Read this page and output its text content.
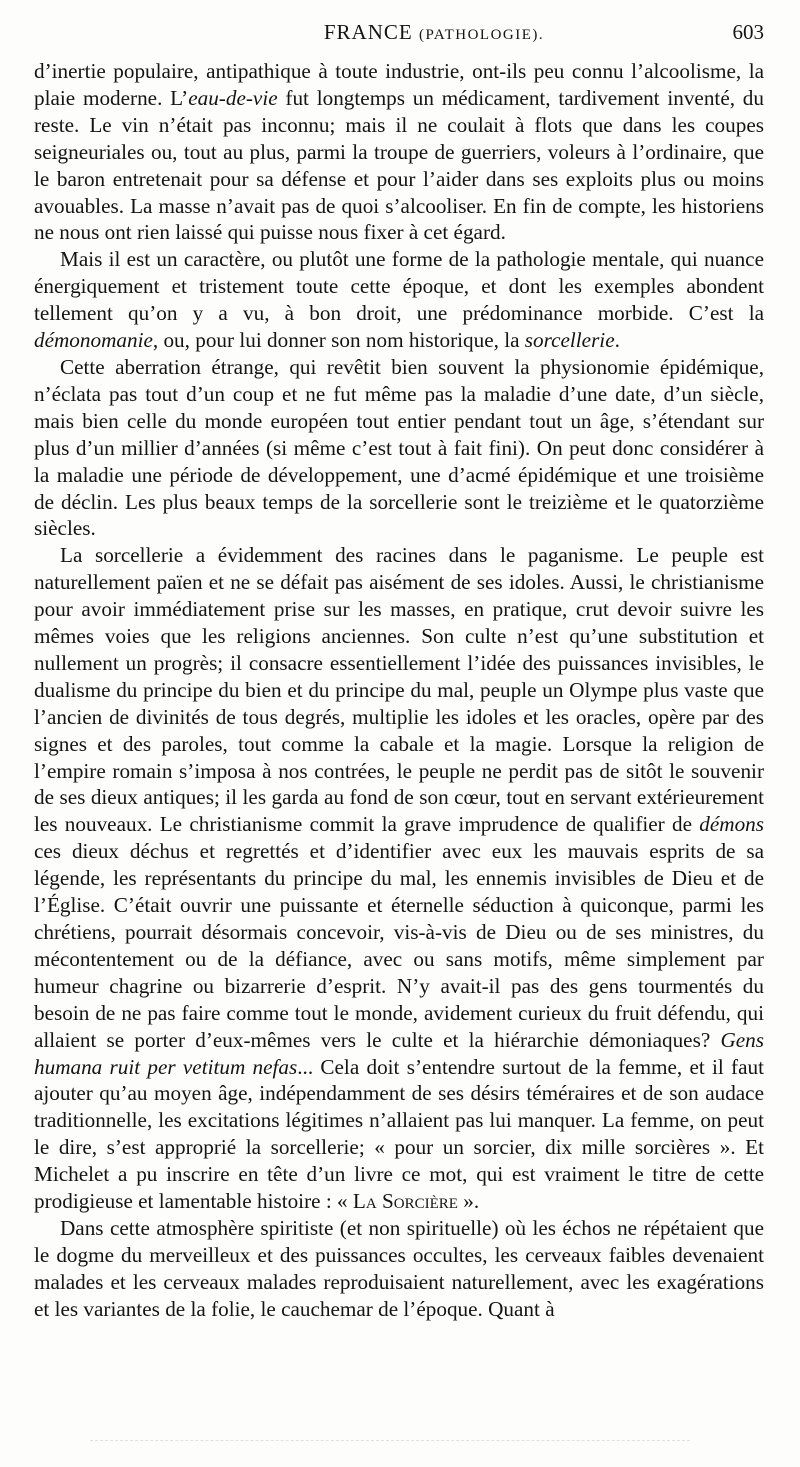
FRANCE (PATHOLOGIE).	603

d’inertie populaire, antipathique à toute industrie, ont-ils peu connu l’alcoolisme, la plaie moderne. L’eau-de-vie fut longtemps un médicament, tardivement inventé, du reste. Le vin n’était pas inconnu; mais il ne coulait à flots que dans les coupes seigneuriales ou, tout au plus, parmi la troupe de guerriers, voleurs à l’ordinaire, que le baron entretenait pour sa défense et pour l’aider dans ses exploits plus ou moins avouables. La masse n’avait pas de quoi s’alcooliser. En fin de compte, les historiens ne nous ont rien laissé qui puisse nous fixer à cet égard.

Mais il est un caractère, ou plutôt une forme de la pathologie mentale, qui nuance énergiquement et tristement toute cette époque, et dont les exemples abondent tellement qu’on y a vu, à bon droit, une prédominance morbide. C’est la démonomanie, ou, pour lui donner son nom historique, la sorcellerie.

Cette aberration étrange, qui revêtit bien souvent la physionomie épidémique, n’éclata pas tout d’un coup et ne fut même pas la maladie d’une date, d’un siècle, mais bien celle du monde européen tout entier pendant tout un âge, s’étendant sur plus d’un millier d’années (si même c’est tout à fait fini). On peut donc considérer à la maladie une période de développement, une d’acmé épidémique et une troisième de déclin. Les plus beaux temps de la sorcellerie sont le treizième et le quatorzième siècles.

La sorcellerie a évidemment des racines dans le paganisme. Le peuple est naturellement païen et ne se défait pas aisément de ses idoles. Aussi, le christianisme pour avoir immédiatement prise sur les masses, en pratique, crut devoir suivre les mêmes voies que les religions anciennes. Son culte n’est qu’une substitution et nullement un progrès; il consacre essentiellement l’idée des puissances invisibles, le dualisme du principe du bien et du principe du mal, peuple un Olympe plus vaste que l’ancien de divinités de tous degrés, multiplie les idoles et les oracles, opère par des signes et des paroles, tout comme la cabale et la magie. Lorsque la religion de l’empire romain s’imposa à nos contrées, le peuple ne perdit pas de sitôt le souvenir de ses dieux antiques; il les garda au fond de son cœur, tout en servant extérieurement les nouveaux. Le christianisme commit la grave imprudence de qualifier de démons ces dieux déchus et regrettés et d’identifier avec eux les mauvais esprits de sa légende, les représentants du principe du mal, les ennemis invisibles de Dieu et de l’Église. C’était ouvrir une puissante et éternelle séduction à quiconque, parmi les chrétiens, pourrait désormais concevoir, vis-à-vis de Dieu ou de ses ministres, du mécontentement ou de la défiance, avec ou sans motifs, même simplement par humeur chagrine ou bizarrerie d’esprit. N’y avait-il pas des gens tourmentés du besoin de ne pas faire comme tout le monde, avidement curieux du fruit défendu, qui allaient se porter d’eux-mêmes vers le culte et la hiérarchie démoniaques? Gens humana ruit per vetitum nefas... Cela doit s’entendre surtout de la femme, et il faut ajouter qu’au moyen âge, indépendamment de ses désirs téméraires et de son audace traditionnelle, les excitations légitimes n’allaient pas lui manquer. La femme, on peut le dire, s’est approprié la sorcellerie; « pour un sorcier, dix mille sorcières ». Et Michelet a pu inscrire en tête d’un livre ce mot, qui est vraiment le titre de cette prodigieuse et lamentable histoire : « La Sorcière ».

Dans cette atmosphère spiritiste (et non spirituelle) où les échos ne répétaient que le dogme du merveilleux et des puissances occultes, les cerveaux faibles devenaient malades et les cerveaux malades reproduisaient naturellement, avec les exagérations et les variantes de la folie, le cauchemar de l’époque. Quant à
